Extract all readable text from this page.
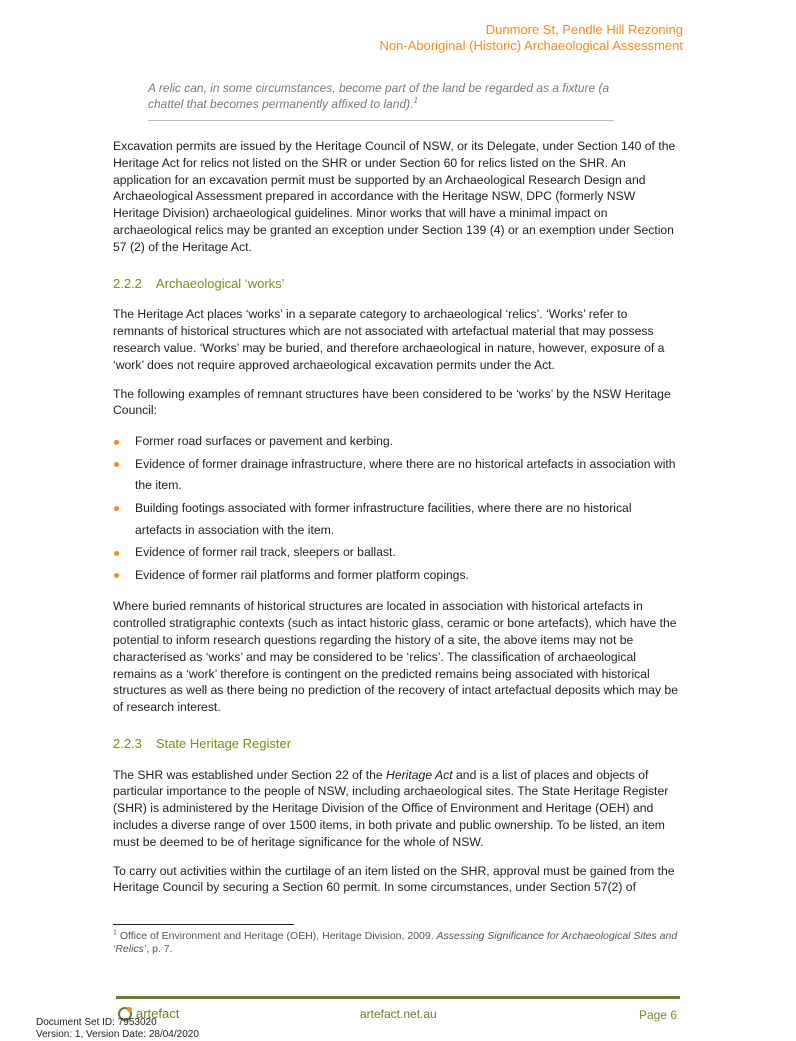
Dunmore St, Pendle Hill Rezoning
Non-Aboriginal (Historic) Archaeological Assessment
A relic can, in some circumstances, become part of the land be regarded as a fixture (a chattel that becomes permanently affixed to land).$^1$

Excavation permits are issued by the Heritage Council of NSW, or its Delegate, under Section 140 of the Heritage Act for relics not listed on the SHR or under Section 60 for relics listed on the SHR. An application for an excavation permit must be supported by an Archaeological Research Design and Archaeological Assessment prepared in accordance with the Heritage NSW, DPC (formerly NSW Heritage Division) archaeological guidelines. Minor works that will have a minimal impact on archaeological relics may be granted an exception under Section 139 (4) or an exemption under Section 57 (2) of the Heritage Act.

2.2.2 Archaeological ‘works’

The Heritage Act places ‘works’ in a separate category to archaeological ‘relics’. ‘Works’ refer to remnants of historical structures which are not associated with artefactual material that may possess research value. ‘Works’ may be buried, and therefore archaeological in nature, however, exposure of a ‘work’ does not require approved archaeological excavation permits under the Act.

The following examples of remnant structures have been considered to be ‘works’ by the NSW Heritage Council:

Former road surfaces or pavement and kerbing.
Evidence of former drainage infrastructure, where there are no historical artefacts in association with the item.
Building footings associated with former infrastructure facilities, where there are no historical artefacts in association with the item.
Evidence of former rail track, sleepers or ballast.
Evidence of former rail platforms and former platform copings.

Where buried remnants of historical structures are located in association with historical artefacts in controlled stratigraphic contexts (such as intact historic glass, ceramic or bone artefacts), which have the potential to inform research questions regarding the history of a site, the above items may not be characterised as ‘works’ and may be considered to be ‘relics’. The classification of archaeological remains as a ‘work’ therefore is contingent on the predicted remains being associated with historical structures as well as there being no prediction of the recovery of intact artefactual deposits which may be of research interest.

2.2.3 State Heritage Register

The SHR was established under Section 22 of the Heritage Act and is a list of places and objects of particular importance to the people of NSW, including archaeological sites. The State Heritage Register (SHR) is administered by the Heritage Division of the Office of Environment and Heritage (OEH) and includes a diverse range of over 1500 items, in both private and public ownership. To be listed, an item must be deemed to be of heritage significance for the whole of NSW.

To carry out activities within the curtilage of an item listed on the SHR, approval must be gained from the Heritage Council by securing a Section 60 permit. In some circumstances, under Section 57(2) of

$^1$ Office of Environment and Heritage (OEH), Heritage Division, 2009. Assessing Significance for Archaeological Sites and ‘Relics’, p. 7.
artefact	artefact.net.au	Page 6
Document Set ID: 7953020
Version: 1, Version Date: 28/04/2020
